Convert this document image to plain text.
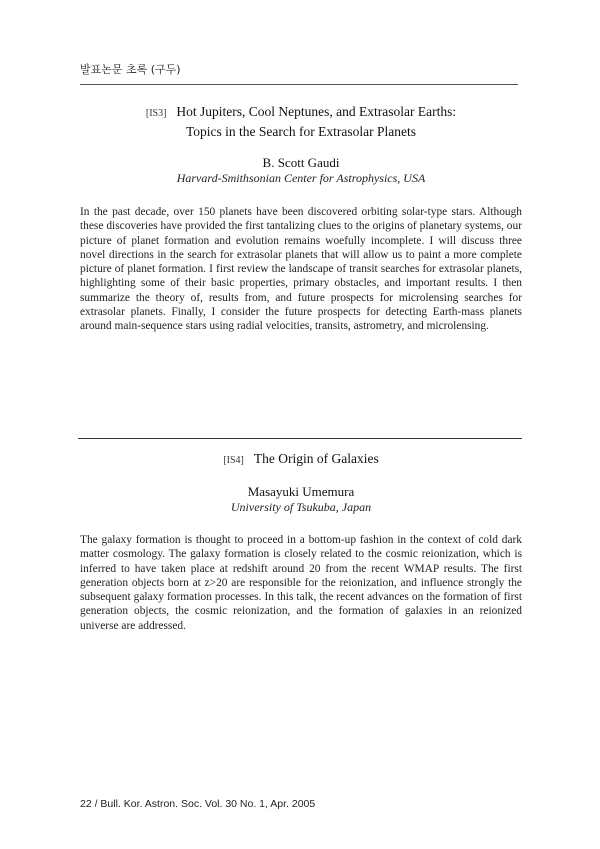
발표논문 초록 (구두)
[IS3] Hot Jupiters, Cool Neptunes, and Extrasolar Earths:
Topics in the Search for Extrasolar Planets
B. Scott Gaudi
Harvard-Smithsonian Center for Astrophysics, USA
In the past decade, over 150 planets have been discovered orbiting solar-type stars. Although these discoveries have provided the first tantalizing clues to the origins of planetary systems, our picture of planet formation and evolution remains woefully incomplete. I will discuss three novel directions in the search for extrasolar planets that will allow us to paint a more complete picture of planet formation. I first review the landscape of transit searches for extrasolar planets, highlighting some of their basic properties, primary obstacles, and important results. I then summarize the theory of, results from, and future prospects for microlensing searches for extrasolar planets. Finally, I consider the future prospects for detecting Earth-mass planets around main-sequence stars using radial velocities, transits, astrometry, and microlensing.
[IS4] The Origin of Galaxies
Masayuki Umemura
University of Tsukuba, Japan
The galaxy formation is thought to proceed in a bottom-up fashion in the context of cold dark matter cosmology. The galaxy formation is closely related to the cosmic reionization, which is inferred to have taken place at redshift around 20 from the recent WMAP results. The first generation objects born at z>20 are responsible for the reionization, and influence strongly the subsequent galaxy formation processes. In this talk, the recent advances on the formation of first generation objects, the cosmic reionization, and the formation of galaxies in an reionized universe are addressed.
22 / Bull. Kor. Astron. Soc. Vol. 30 No. 1, Apr. 2005
